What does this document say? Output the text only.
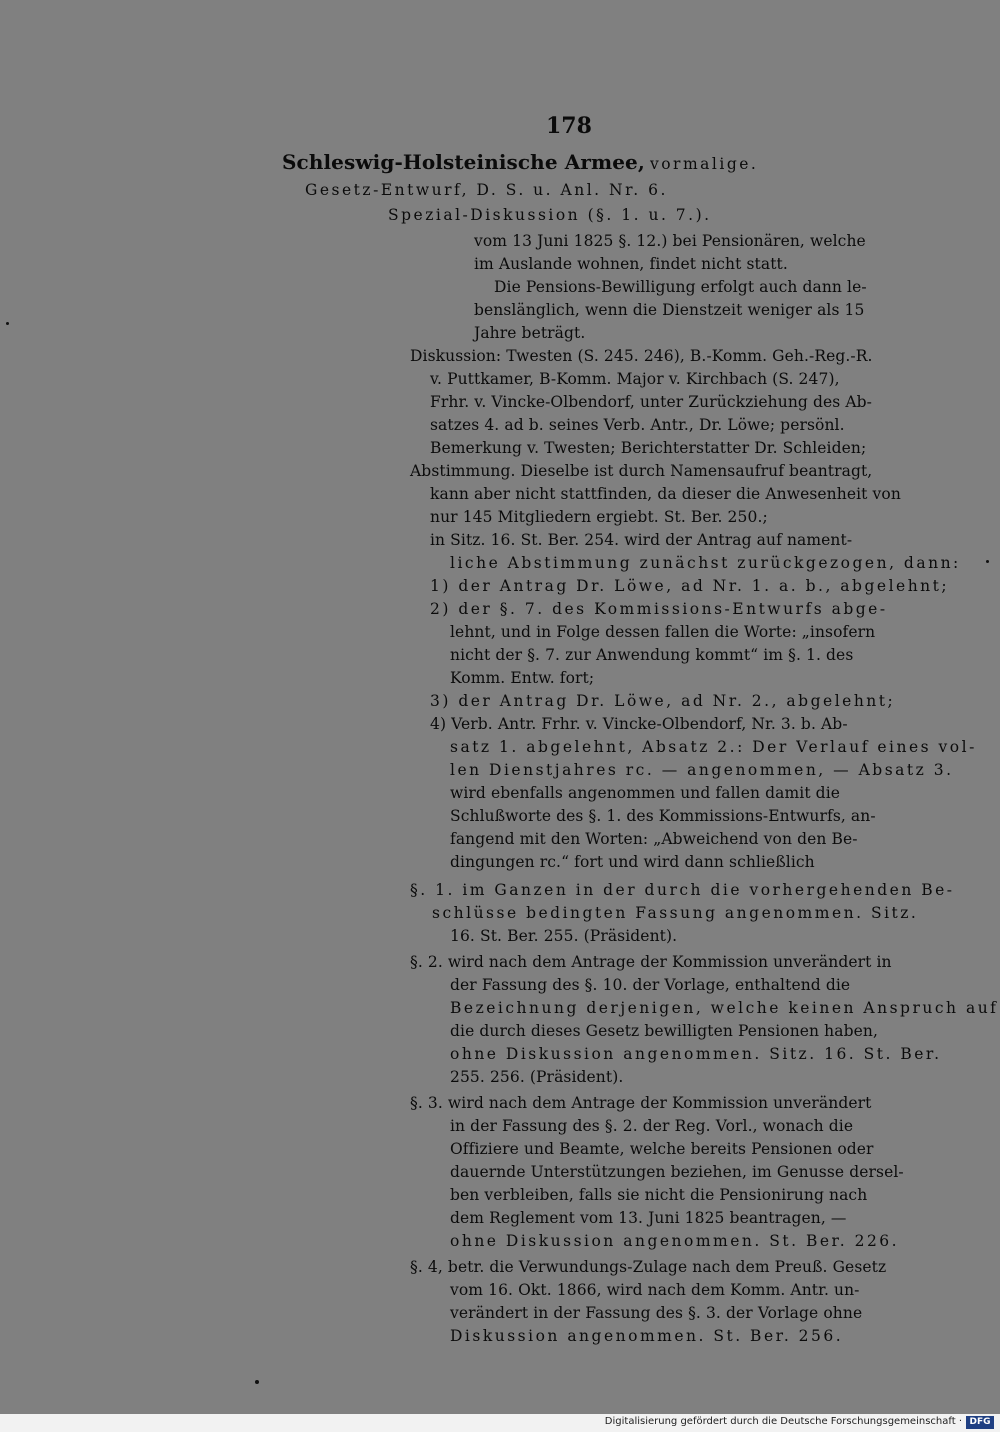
178
Schleswig-Holsteinische Armee, vormalige.
Gesetz-Entwurf, D. S. u. Anl. Nr. 6.
Spezial-Diskussion (§. 1. u. 7.).
vom 13 Juni 1825 §. 12.) bei Pensionären, welche
im Auslande wohnen, findet nicht statt.
Die Pensions-Bewilligung erfolgt auch dann le-
benslänglich, wenn die Dienstzeit weniger als 15
Jahre beträgt.
Diskussion: Twesten (S. 245. 246), B.-Komm. Geh.-Reg.-R.
v. Puttkamer, B-Komm. Major v. Kirchbach (S. 247),
Frhr. v. Vincke-Olbendorf, unter Zurückziehung des Ab-
satzes 4. ad b. seines Verb. Antr., Dr. Löwe; persönl.
Bemerkung v. Twesten; Berichterstatter Dr. Schleiden;
Abstimmung. Dieselbe ist durch Namensaufruf beantragt,
kann aber nicht stattfinden, da dieser die Anwesenheit von
nur 145 Mitgliedern ergiebt. St. Ber. 250.;
in Sitz. 16. St. Ber. 254. wird der Antrag auf nament-
liche Abstimmung zunächst zurückgezogen, dann:
1) der Antrag Dr. Löwe, ad Nr. 1. a. b., abgelehnt;
2) der §. 7. des Kommissions-Entwurfs abge-
lehnt, und in Folge dessen fallen die Worte: „insofern
nicht der §. 7. zur Anwendung kommt“ im §. 1. des
Komm. Entw. fort;
3) der Antrag Dr. Löwe, ad Nr. 2., abgelehnt;
4) Verb. Antr. Frhr. v. Vincke-Olbendorf, Nr. 3. b. Ab-
satz 1. abgelehnt, Absatz 2.: Der Verlauf eines vol-
len Dienstjahres rc. — angenommen, — Absatz 3.
wird ebenfalls angenommen und fallen damit die
Schlußworte des §. 1. des Kommissions-Entwurfs, an-
fangend mit den Worten: „Abweichend von den Be-
dingungen rc.“ fort und wird dann schließlich
§. 1. im Ganzen in der durch die vorhergehenden Be-
schlüsse bedingten Fassung angenommen. Sitz.
16. St. Ber. 255. (Präsident).
§. 2. wird nach dem Antrage der Kommission unverändert in
der Fassung des §. 10. der Vorlage, enthaltend die
Bezeichnung derjenigen, welche keinen Anspruch auf
die durch dieses Gesetz bewilligten Pensionen haben,
ohne Diskussion angenommen. Sitz. 16. St. Ber.
255. 256. (Präsident).
§. 3. wird nach dem Antrage der Kommission unverändert
in der Fassung des §. 2. der Reg. Vorl., wonach die
Offiziere und Beamte, welche bereits Pensionen oder
dauernde Unterstützungen beziehen, im Genusse dersel-
ben verbleiben, falls sie nicht die Pensionirung nach
dem Reglement vom 13. Juni 1825 beantragen, —
ohne Diskussion angenommen. St. Ber. 226.
§. 4, betr. die Verwundungs-Zulage nach dem Preuß. Gesetz
vom 16. Okt. 1866, wird nach dem Komm. Antr. un-
verändert in der Fassung des §. 3. der Vorlage ohne
Diskussion angenommen. St. Ber. 256.
Digitalisierung gefördert durch die Deutsche Forschungsgemeinschaft · DFG
